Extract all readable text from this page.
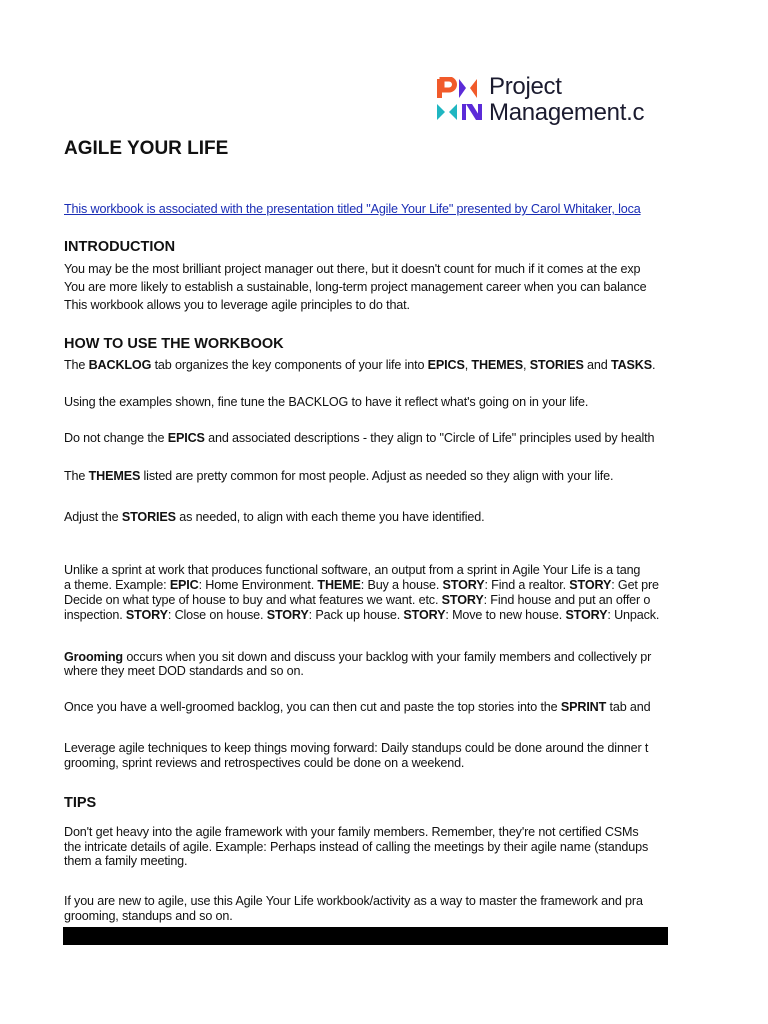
Project
Management.c
AGILE YOUR LIFE
This workbook is associated with the presentation titled "Agile Your Life" presented by Carol Whitaker, loca
INTRODUCTION
You may be the most brilliant project manager out there, but it doesn't count for much if it comes at the exp
You are more likely to establish a sustainable, long-term project management career when you can balance
This workbook allows you to leverage agile principles to do that.
HOW TO USE THE WORKBOOK
The BACKLOG tab organizes the key components of your life into EPICS, THEMES, STORIES and TASKS.
Using the examples shown, fine tune the BACKLOG to have it reflect what's going on in your life.
Do not change the EPICS and associated descriptions - they align to "Circle of Life" principles used by health
The THEMES listed are pretty common for most people. Adjust as needed so they align with your life.
Adjust the STORIES as needed, to align with each theme you have identified.
Unlike a sprint at work that produces functional software, an output from a sprint in Agile Your Life is a tang
a theme. Example: EPIC: Home Environment. THEME: Buy a house. STORY: Find a realtor. STORY: Get pre
Decide on what type of house to buy and what features we want. etc. STORY: Find house and put an offer o
inspection. STORY: Close on house. STORY: Pack up house. STORY: Move to new house. STORY: Unpack.
Grooming occurs when you sit down and discuss your backlog with your family members and collectively pr
where they meet DOD standards and so on.
Once you have a well-groomed backlog, you can then cut and paste the top stories into the SPRINT tab and
Leverage agile techniques to keep things moving forward: Daily standups could be done around the dinner t
grooming, sprint reviews and retrospectives could be done on a weekend.
TIPS
Don't get heavy into the agile framework with your family members. Remember, they're not certified CSMs
the intricate details of agile. Example: Perhaps instead of calling the meetings by their agile name (standups
them a family meeting.
If you are new to agile, use this Agile Your Life workbook/activity as a way to master the framework and pra
grooming, standups and so on.
